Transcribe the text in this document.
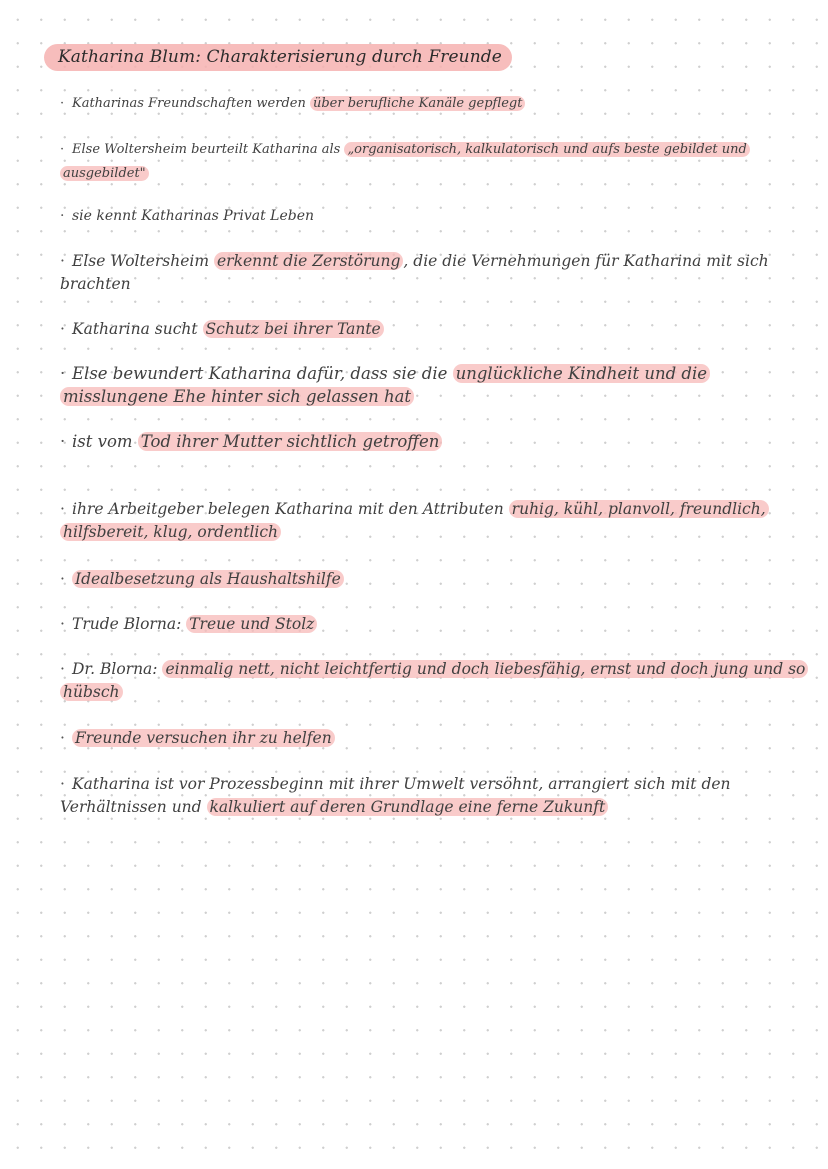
Katharina Blum: Charakterisierung durch Freunde
· Katharinas Freundschaften werden über berufliche Kanäle gepflegt
· Else Woltersheim beurteilt Katharina als „organisatorisch, kalkulatorisch und aufs beste gebildet und ausgebildet"
· sie kennt Katharinas Privat Leben
· Else Woltersheim erkennt die Zerstörung , die die Vernehmungen für Katharina mit sich brachten
· Katharina sucht Schutz bei ihrer Tante
· Else bewundert Katharina dafür, dass sie die unglückliche Kindheit und die misslungene Ehe hinter sich gelassen hat
· ist vom Tod ihrer Mutter sichtlich getroffen
· ihre Arbeitgeber belegen Katharina mit den Attributen ruhig, kühl, planvoll, freundlich, hilfsbereit, klug, ordentlich
· Idealbesetzung als Haushaltshilfe
· Trude Blorna: Treue und Stolz
· Dr. Blorna: einmalig nett, nicht leichtfertig und doch liebesfähig, ernst und doch jung und so hübsch
· Freunde versuchen ihr zu helfen
· Katharina ist vor Prozessbeginn mit ihrer Umwelt versöhnt, arrangiert sich mit den Verhältnissen und kalkuliert auf deren Grundlage eine ferne Zukunft
